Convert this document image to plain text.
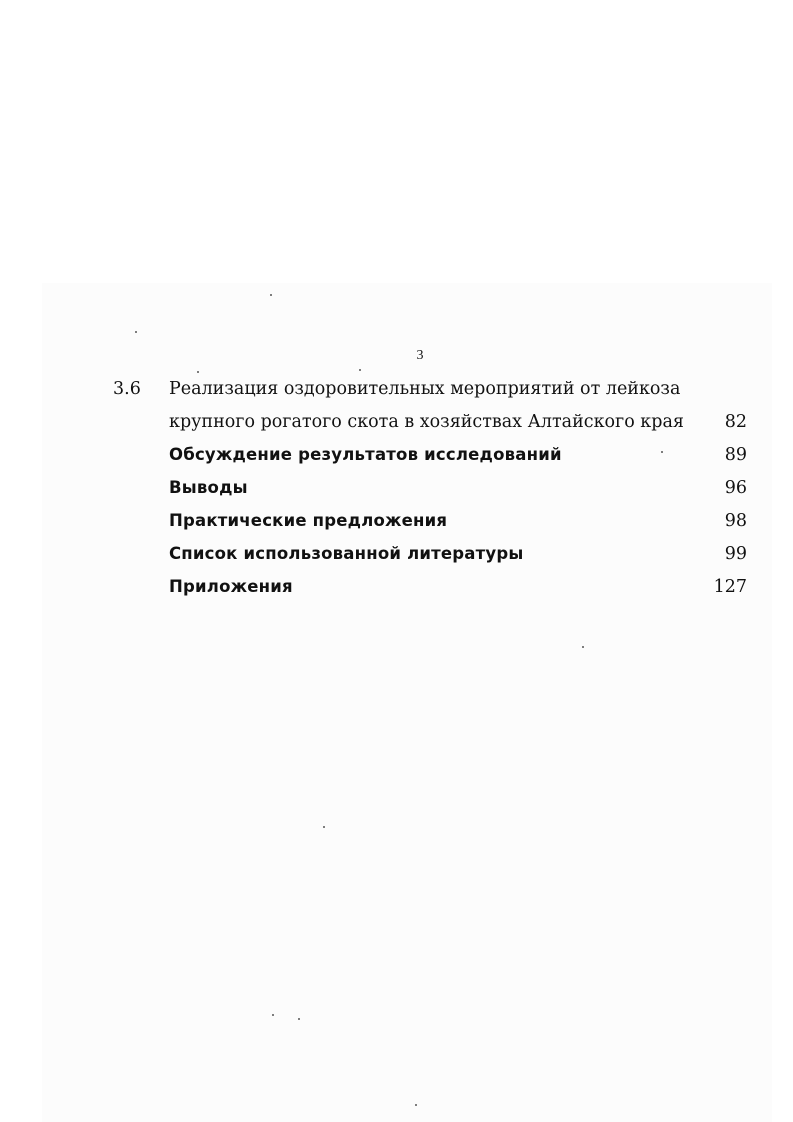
3
3.6 Реализация оздоровительных мероприятий от лейкоза
крупного рогатого скота в хозяйствах Алтайского края 82
Обсуждение результатов исследований	89
Выводы	96
Практические предложения	98
Список использованной литературы	99
Приложения	127
